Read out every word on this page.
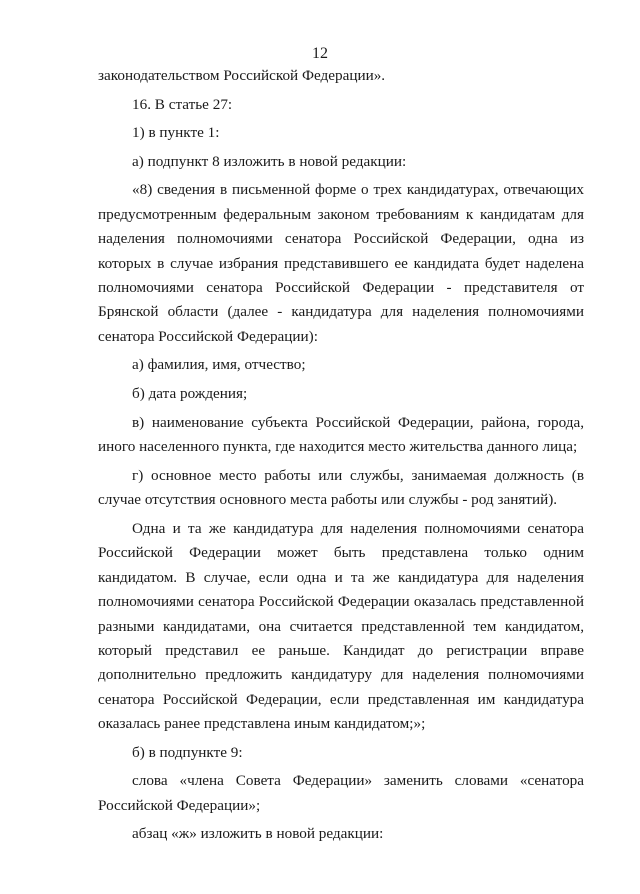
12

законодательством Российской Федерации».

16. В статье 27:

1) в пункте 1:

а) подпункт 8 изложить в новой редакции:

«8) сведения в письменной форме о трех кандидатурах, отвечающих предусмотренным федеральным законом требованиям к кандидатам для наделения полномочиями сенатора Российской Федерации, одна из которых в случае избрания представившего ее кандидата будет наделена полномочиями сенатора Российской Федерации - представителя от Брянской области (далее - кандидатура для наделения полномочиями сенатора Российской Федерации):

а) фамилия, имя, отчество;

б) дата рождения;

в) наименование субъекта Российской Федерации, района, города, иного населенного пункта, где находится место жительства данного лица;

г) основное место работы или службы, занимаемая должность (в случае отсутствия основного места работы или службы - род занятий).

Одна и та же кандидатура для наделения полномочиями сенатора Российской Федерации может быть представлена только одним кандидатом. В случае, если одна и та же кандидатура для наделения полномочиями сенатора Российской Федерации оказалась представленной разными кандидатами, она считается представленной тем кандидатом, который представил ее раньше. Кандидат до регистрации вправе дополнительно предложить кандидатуру для наделения полномочиями сенатора Российской Федерации, если представленная им кандидатура оказалась ранее представлена иным кандидатом;»;

б) в подпункте 9:

слова «члена Совета Федерации» заменить словами «сенатора Российской Федерации»;

абзац «ж» изложить в новой редакции:
